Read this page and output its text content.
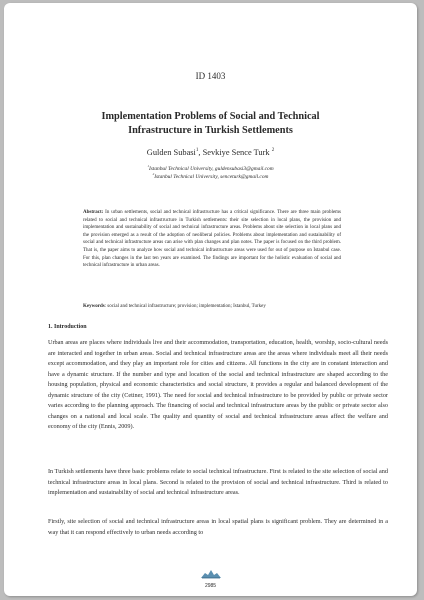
ID 1403
Implementation Problems of Social and Technical
Infrastructure in Turkish Settlements
Gulden Subasi$^1$, Sevkiye Sence Turk $^2$
$^1$Istanbul Technical University, guldensubasi3@gmail.com
$^2$Istanbul Technical University, senceturk@gmail.com
Abstract: In urban settlements, social and technical infrastructure has a critical significance. There are three main problems related to social and technical infrastructure in Turkish settlements: their site selection in local plans, the provision and implementation and sustainability of social and technical infrastructure areas. Problems about site selection in local plans and the provision emerged as a result of the adoption of neoliberal policies. Problems about implementation and sustainability of social and technical infrastructure areas can arise with plan changes and plan notes. The paper is focused on the third problem. That is, the paper aims to analyze how social and technical infrastructure areas were used for out of purpose on Istanbul case. For this, plan changes in the last ten years are examined. The findings are important for the holistic evaluation of social and technical infrastructure in urban areas.
Keywords: social and technical infrastructure; provision; implementation; Istanbul, Turkey
1. Introduction

Urban areas are places where individuals live and their accommodation, transportation, education, health, worship, socio-cultural needs are interacted and together in urban areas. Social and technical infrastructure areas are the areas where individuals meet all their needs except accommodation, and they play an important role for cities and citizens. All functions in the city are in constant interaction and have a dynamic structure. If the number and type and location of the social and technical infrastructure are shaped according to the housing population, physical and economic characteristics and social structure, it provides a regular and balanced development of the dynamic structure of the city (Cetiner, 1991). The need for social and technical infrastructure to be provided by public or private sector varies according to the planning approach. The financing of social and technical infrastructure areas by the public or private sector also changes on a national and local scale. The quality and quantity of social and technical infrastructure areas affect the welfare and economy of the city (Ennis, 2009).

In Turkish settlements have three basic problems relate to social technical infrastructure. First is related to the site selection of social and technical infrastructure areas in local plans. Second is related to the provision of social and technical infrastructure. Third is related to implementation and sustainability of social and technical infrastructure areas.

Firstly, site selection of social and technical infrastructure areas in local spatial plans is significant problem. They are determined in a way that it can respond effectively to urban needs according to

2985
